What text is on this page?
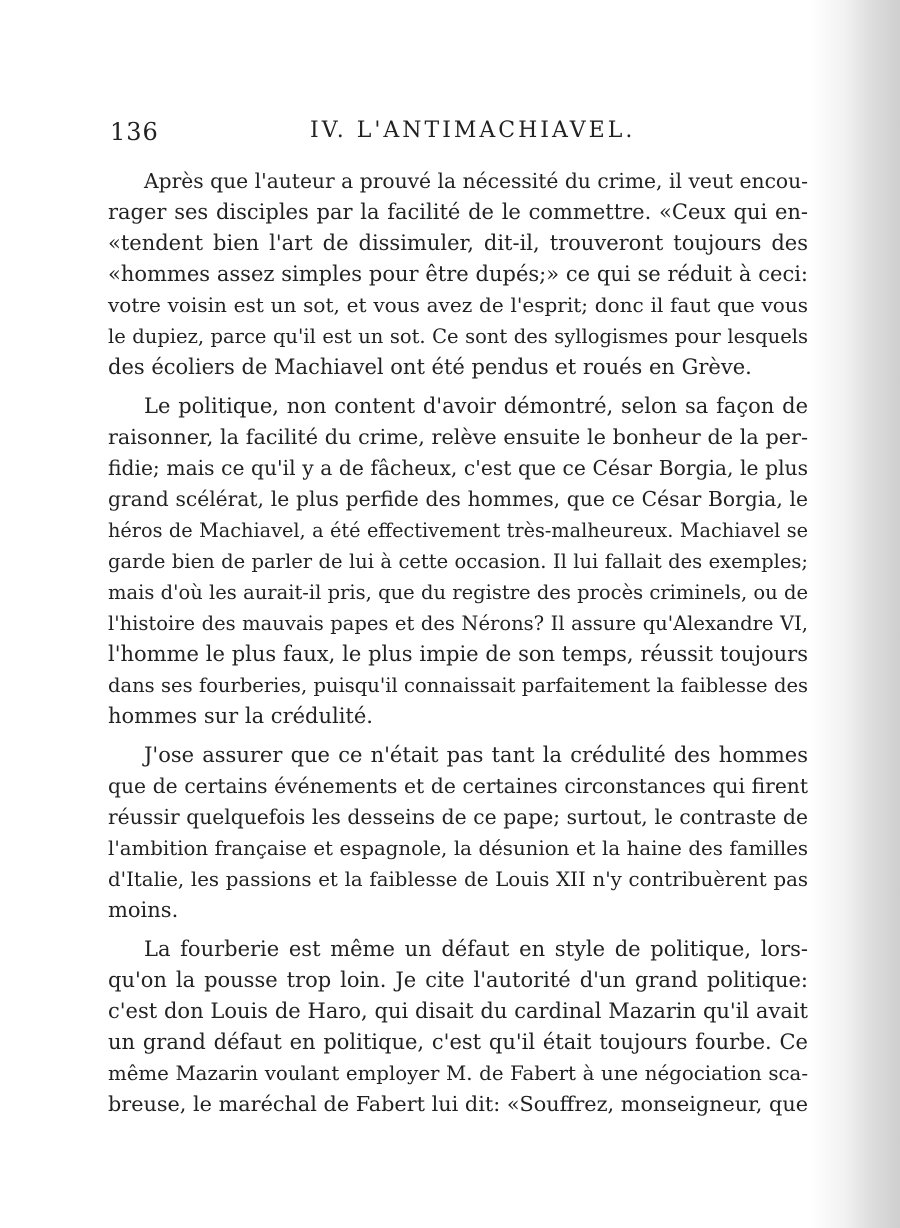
136	IV. L'ANTIMACHIAVEL.

Après que l'auteur a prouvé la nécessité du crime, il veut encou-
rager ses disciples par la facilité de le commettre. «Ceux qui en-
«tendent bien l'art de dissimuler, dit-il, trouveront toujours des
«hommes assez simples pour être dupés;» ce qui se réduit à ceci:
votre voisin est un sot, et vous avez de l'esprit; donc il faut que vous
le dupiez, parce qu'il est un sot. Ce sont des syllogismes pour lesquels
des écoliers de Machiavel ont été pendus et roués en Grève.

Le politique, non content d'avoir démontré, selon sa façon de
raisonner, la facilité du crime, relève ensuite le bonheur de la per-
fidie; mais ce qu'il y a de fâcheux, c'est que ce César Borgia, le plus
grand scélérat, le plus perfide des hommes, que ce César Borgia, le
héros de Machiavel, a été effectivement très-malheureux. Machiavel se
garde bien de parler de lui à cette occasion. Il lui fallait des exemples;
mais d'où les aurait-il pris, que du registre des procès criminels, ou de
l'histoire des mauvais papes et des Nérons? Il assure qu'Alexandre VI,
l'homme le plus faux, le plus impie de son temps, réussit toujours
dans ses fourberies, puisqu'il connaissait parfaitement la faiblesse des
hommes sur la crédulité.

J'ose assurer que ce n'était pas tant la crédulité des hommes
que de certains événements et de certaines circonstances qui firent
réussir quelquefois les desseins de ce pape; surtout, le contraste de
l'ambition française et espagnole, la désunion et la haine des familles
d'Italie, les passions et la faiblesse de Louis XII n'y contribuèrent pas
moins.

La fourberie est même un défaut en style de politique, lors-
qu'on la pousse trop loin. Je cite l'autorité d'un grand politique:
c'est don Louis de Haro, qui disait du cardinal Mazarin qu'il avait
un grand défaut en politique, c'est qu'il était toujours fourbe. Ce
même Mazarin voulant employer M. de Fabert à une négociation sca-
breuse, le maréchal de Fabert lui dit: «Souffrez, monseigneur, que
